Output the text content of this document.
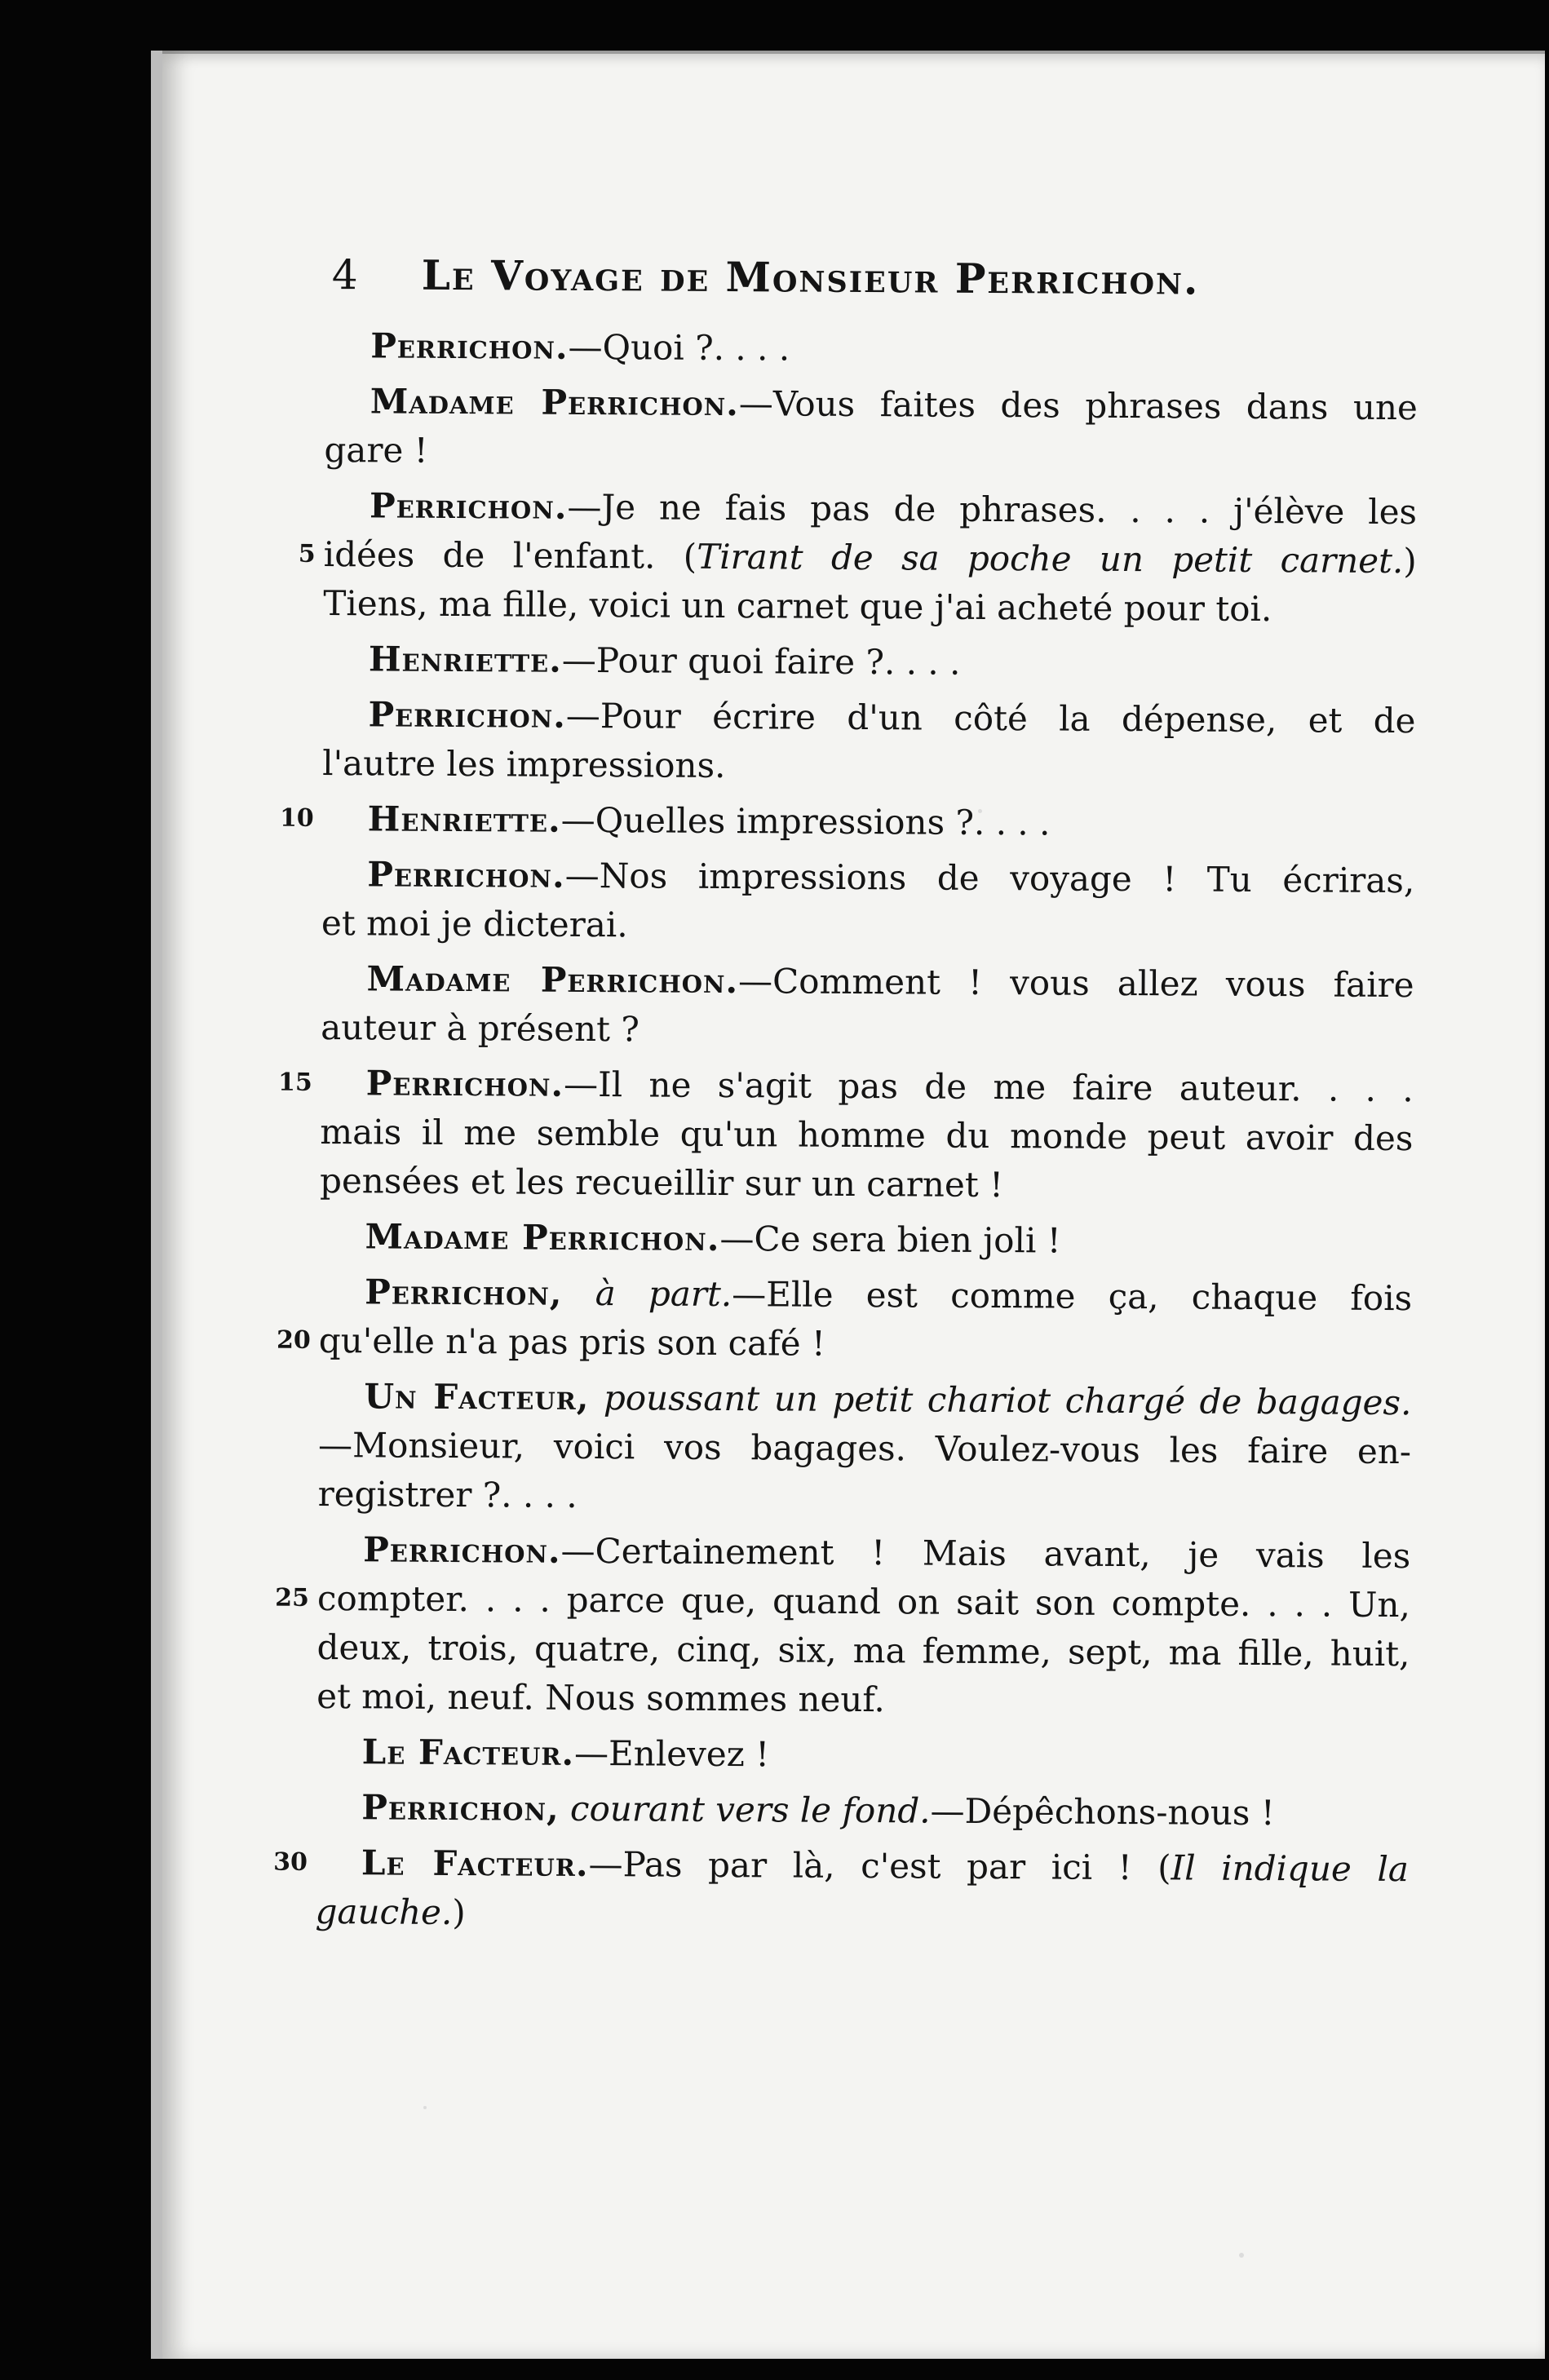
4	Le Voyage de Monsieur Perrichon.
Perrichon.—Quoi ?. . . .
Madame Perrichon.—Vous faites des phrases dans une
gare !
Perrichon.—Je ne fais pas de phrases. . . . j'élève les
5 idées de l'enfant. (Tirant de sa poche un petit carnet.)
Tiens, ma fille, voici un carnet que j'ai acheté pour toi.
Henriette.—Pour quoi faire ?. . . .
Perrichon.—Pour écrire d'un côté la dépense, et de
l'autre les impressions.
10 Henriette.—Quelles impressions ?. . . .
Perrichon.—Nos impressions de voyage ! Tu écriras,
et moi je dicterai.
Madame Perrichon.—Comment ! vous allez vous faire
auteur à présent ?
15 Perrichon.—Il ne s'agit pas de me faire auteur. . . .
mais il me semble qu'un homme du monde peut avoir des
pensées et les recueillir sur un carnet !
Madame Perrichon.—Ce sera bien joli !
Perrichon, à part.—Elle est comme ça, chaque fois
20 qu'elle n'a pas pris son café !
Un Facteur, poussant un petit chariot chargé de bagages.
—Monsieur, voici vos bagages. Voulez-vous les faire en-
registrer ?. . . .
Perrichon.—Certainement ! Mais avant, je vais les
25 compter. . . . parce que, quand on sait son compte. . . . Un,
deux, trois, quatre, cinq, six, ma femme, sept, ma fille, huit,
et moi, neuf. Nous sommes neuf.
Le Facteur.—Enlevez !
Perrichon, courant vers le fond.—Dépêchons-nous !
30 Le Facteur.—Pas par là, c'est par ici ! (Il indique la
gauche.)
